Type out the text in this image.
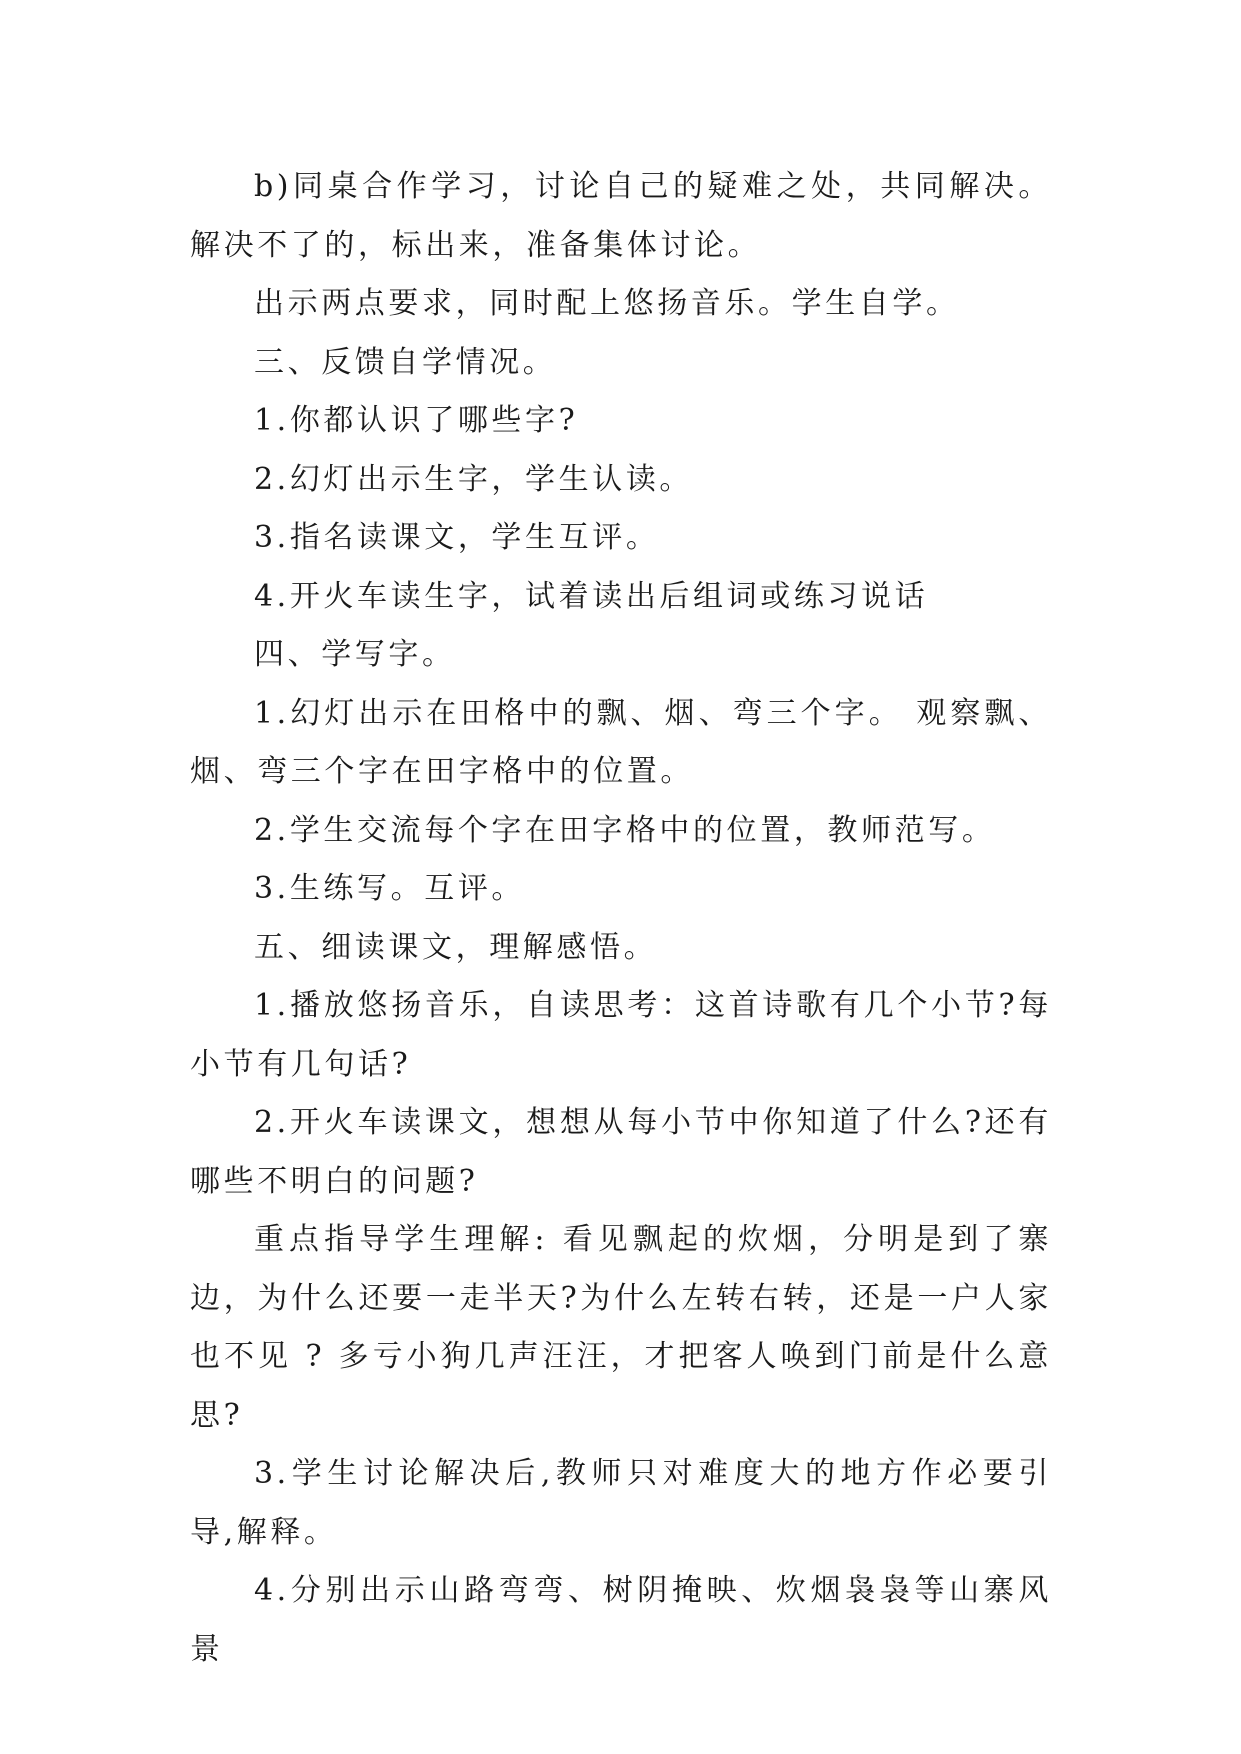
b)同桌合作学习，讨论自己的疑难之处，共同解决。解决不了的，标出来，准备集体讨论。

出示两点要求，同时配上悠扬音乐。学生自学。

三、反馈自学情况。

1.你都认识了哪些字?

2.幻灯出示生字，学生认读。

3.指名读课文，学生互评。

4.开火车读生字，试着读出后组词或练习说话

四、学写字。

1.幻灯出示在田格中的飘、烟、弯三个字。 观察飘、烟、弯三个字在田字格中的位置。

2.学生交流每个字在田字格中的位置，教师范写。

3.生练写。互评。

五、细读课文，理解感悟。

1.播放悠扬音乐，自读思考：这首诗歌有几个小节?每小节有几句话?

2.开火车读课文，想想从每小节中你知道了什么?还有哪些不明白的问题?

重点指导学生理解: 看见飘起的炊烟，分明是到了寨边，为什么还要一走半天?为什么左转右转，还是一户人家也不见 ? 多亏小狗几声汪汪，才把客人唤到门前是什么意思?

3.学生讨论解决后,教师只对难度大的地方作必要引导,解释。

4.分别出示山路弯弯、树阴掩映、炊烟袅袅等山寨风景
